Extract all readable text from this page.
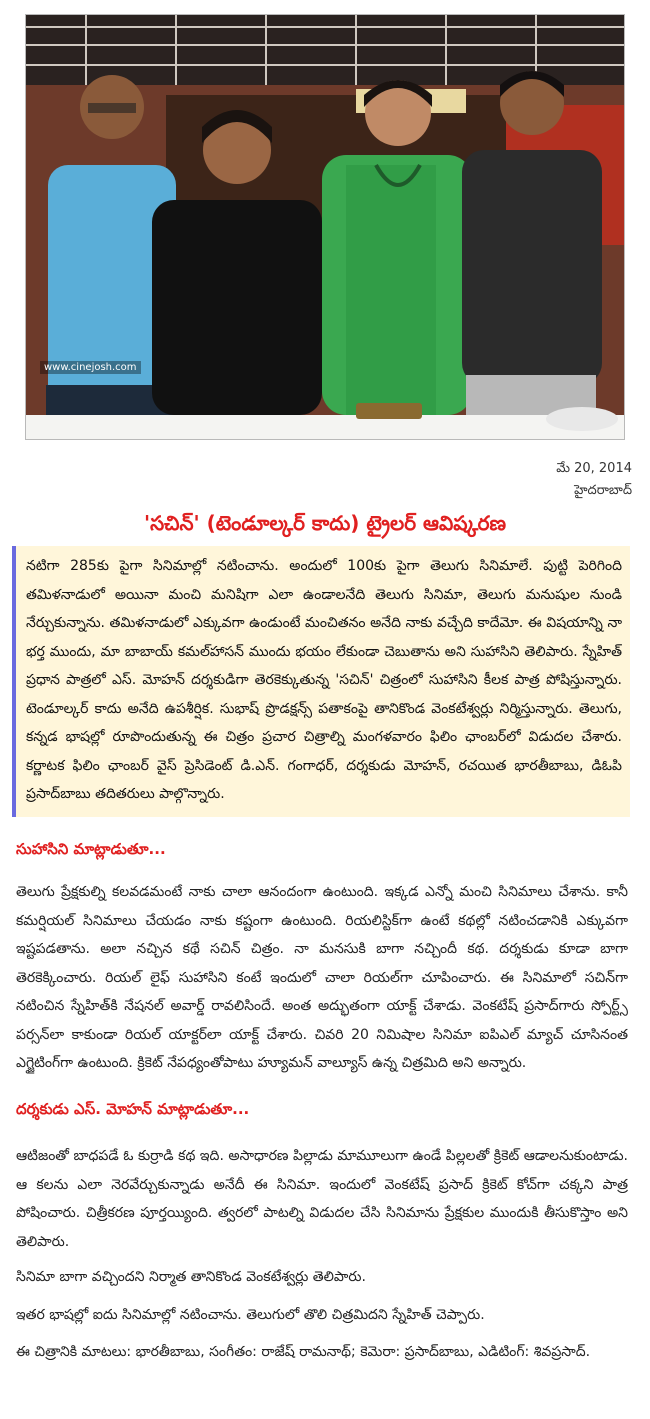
www.cinejosh.com
మే 20, 2014
హైదరాబాద్
'సచిన్' (టెండూల్కర్ కాదు) ట్రైలర్ ఆవిష్కరణ
నటిగా 285కు పైగా సినిమాల్లో నటించాను. అందులో 100కు పైగా తెలుగు సినిమాలే. పుట్టి పెరిగింది తమిళనాడులో అయినా మంచి మనిషిగా ఎలా ఉండాలనేది తెలుగు సినిమా, తెలుగు మనుషుల నుండి నేర్చుకున్నాను. తమిళనాడులో ఎక్కువగా ఉండుంటే మంచితనం అనేది నాకు వచ్చేది కాదేమో. ఈ విషయాన్ని నా భర్త ముందు, మా బాబాయ్ కమల్‌హాసన్ ముందు భయం లేకుండా చెబుతాను అని సుహాసిని తెలిపారు. స్నేహిత్ ప్రధాన పాత్రలో ఎస్. మోహన్ దర్శకుడిగా తెరకెక్కుతున్న 'సచిన్' చిత్రంలో సుహాసిని కీలక పాత్ర పోషిస్తున్నారు. టెండూల్కర్ కాదు అనేది ఉపశీర్షిక. సుభాష్ ప్రొడక్షన్స్ పతాకంపై తానికొండ వెంకటేశ్వర్లు నిర్మిస్తున్నారు. తెలుగు, కన్నడ భాషల్లో రూపొందుతున్న ఈ చిత్రం ప్రచార చిత్రాల్ని మంగళవారం ఫిలిం ఛాంబర్‌లో విడుదల చేశారు. కర్ణాటక ఫిలిం ఛాంబర్ వైస్ ప్రెసిడెంట్ డి.ఎన్. గంగాధర్, దర్శకుడు మోహన్, రచయిత భారతీబాబు, డిఓపి ప్రసాద్‌బాబు తదితరులు పాల్గొన్నారు.
సుహాసిని మాట్లాడుతూ...
తెలుగు ప్రేక్షకుల్ని కలవడమంటే నాకు చాలా ఆనందంగా ఉంటుంది. ఇక్కడ ఎన్నో మంచి సినిమాలు చేశాను. కానీ కమర్షియల్ సినిమాలు చేయడం నాకు కష్టంగా ఉంటుంది. రియలిస్టిక్‌గా ఉంటే కథల్లో నటించడానికి ఎక్కువగా ఇష్టపడతాను. అలా నచ్చిన కథే సచిన్ చిత్రం. నా మనసుకి బాగా నచ్చిందీ కథ. దర్శకుడు కూడా బాగా తెరకెక్కించారు. రియల్ లైఫ్ సుహాసిని కంటే ఇందులో చాలా రియల్‌గా చూపించారు. ఈ సినిమాలో సచిన్‌గా నటించిన స్నేహిత్‌కి నేషనల్ అవార్డ్ రావలిసిందే. అంత అద్భుతంగా యాక్ట్ చేశాడు. వెంకటేష్ ప్రసాద్‌గారు స్పోర్ట్స్ పర్సన్‌లా కాకుండా రియల్ యాక్టర్‌లా యాక్ట్ చేశారు. చివరి 20 నిమిషాల సినిమా ఐపిఎల్ మ్యాచ్ చూసినంత ఎగ్జైటింగ్‌గా ఉంటుంది. క్రికెట్ నేపధ్యంతోపాటు హ్యూమన్ వాల్యూస్ ఉన్న చిత్రమిది అని అన్నారు.
దర్శకుడు ఎస్. మోహన్ మాట్లాడుతూ...
ఆటిజంతో బాధపడే ఓ కుర్రాడి కథ ఇది. అసాధారణ పిల్లాడు మామూలుగా ఉండే పిల్లలతో క్రికెట్ ఆడాలనుకుంటాడు. ఆ కలను ఎలా నెరవేర్చుకున్నాడు అనేదీ ఈ సినిమా. ఇందులో వెంకటేష్ ప్రసాద్ క్రికెట్ కోచ్‌గా చక్కని పాత్ర పోషించారు. చిత్రీకరణ పూర్తయ్యింది. త్వరలో పాటల్ని విడుదల చేసి సినిమాను ప్రేక్షకుల ముందుకి తీసుకొస్తాం అని తెలిపారు.
సినిమా బాగా వచ్చిందని నిర్మాత తానికొండ వెంకటేశ్వర్లు తెలిపారు.
ఇతర భాషల్లో ఐదు సినిమాల్లో నటించాను. తెలుగులో తొలి చిత్రమిదని స్నేహిత్ చెప్పారు.
ఈ చిత్రానికి మాటలు: భారతీబాబు, సంగీతం: రాజేష్ రామనాథ్; కెమెరా: ప్రసాద్‌బాబు, ఎడిటింగ్: శివప్రసాద్.
